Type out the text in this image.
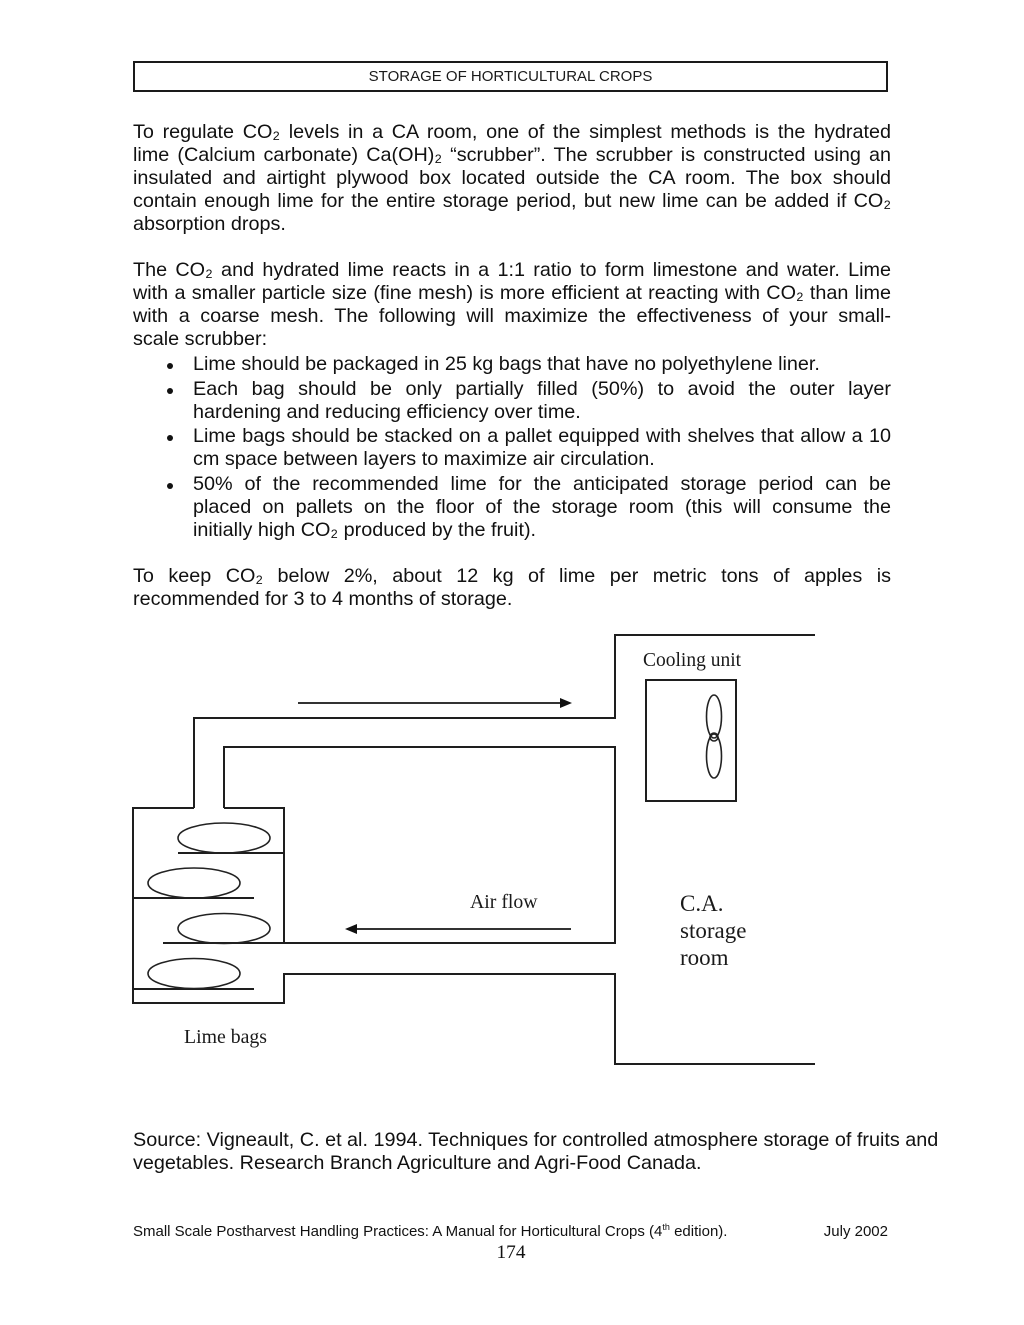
STORAGE OF HORTICULTURAL CROPS
To regulate CO₂ levels in a CA room, one of the simplest methods is the hydrated
lime (Calcium carbonate) Ca(OH)₂ “scrubber”. The scrubber is constructed using an
insulated and airtight plywood box located outside the CA room. The box should
contain enough lime for the entire storage period, but new lime can be added if CO₂
absorption drops.
The CO₂ and hydrated lime reacts in a 1:1 ratio to form limestone and water. Lime
with a smaller particle size (fine mesh) is more efficient at reacting with CO₂ than lime
with a coarse mesh. The following will maximize the effectiveness of your small-
scale scrubber:
Lime should be packaged in 25 kg bags that have no polyethylene liner.
Each bag should be only partially filled (50%) to avoid the outer layer
hardening and reducing efficiency over time.
Lime bags should be stacked on a pallet equipped with shelves that allow a 10
cm space between layers to maximize air circulation.
50% of the recommended lime for the anticipated storage period can be
placed on pallets on the floor of the storage room (this will consume the
initially high CO₂ produced by the fruit).
To keep CO₂ below 2%, about 12 kg of lime per metric tons of apples is
recommended for 3 to 4 months of storage.
Cooling unit
Air flow	C.A.
storage
room
Lime bags
Source: Vigneault, C. et al. 1994. Techniques for controlled atmosphere storage of fruits and
vegetables. Research Branch Agriculture and Agri-Food Canada.
Small Scale Postharvest Handling Practices: A Manual for Horticultural Crops (4th edition).	July 2002
174
